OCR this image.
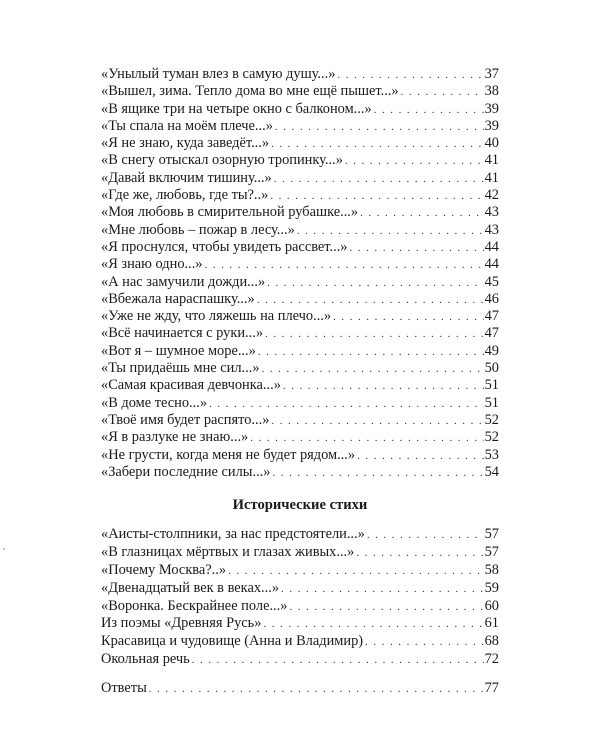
«Унылый туман влез в самую душу...» . . .	37
«Вышел, зима. Тепло дома во мне ещё пышет...» . . .	38
«В ящике три на четыре окно с балконом...» . . .	39
«Ты спала на моём плече...» . . .	39
«Я не знаю, куда заведёт...» . . .	40
«В снегу отыскал озорную тропинку...» . . .	41
«Давай включим тишину...» . . .	41
«Где же, любовь, где ты?..» . . .	42
«Моя любовь в смирительной рубашке...» . . .	43
«Мне любовь – пожар в лесу...» . . .	43
«Я проснулся, чтобы увидеть рассвет...» . . .	44
«Я знаю одно...» . . .	44
«А нас замучили дожди...» . . .	45
«Вбежала нараспашку...» . . .	46
«Уже не жду, что ляжешь на плечо...» . . .	47
«Всё начинается с руки...» . . .	47
«Вот я – шумное море...» . . .	49
«Ты придаёшь мне сил...» . . .	50
«Самая красивая девчонка...» . . .	51
«В доме тесно...» . . .	51
«Твоё имя будет распято...» . . .	52
«Я в разлуке не знаю...» . . .	52
«Не грусти, когда меня не будет рядом...» . . .	53
«Забери последние силы...» . . .	54
Исторические стихи
«Аисты-столпники, за нас предстоятели...» . . .	57
«В глазницах мёртвых и глазах живых...» . . .	57
«Почему Москва?..» . . .	58
«Двенадцатый век в веках...» . . .	59
«Воронка. Бескрайнее поле...» . . .	60
Из поэмы «Древняя Русь» . . .	61
Красавица и чудовище (Анна и Владимир) . . .	68
Окольная речь . . .	72
Ответы . . .	77
